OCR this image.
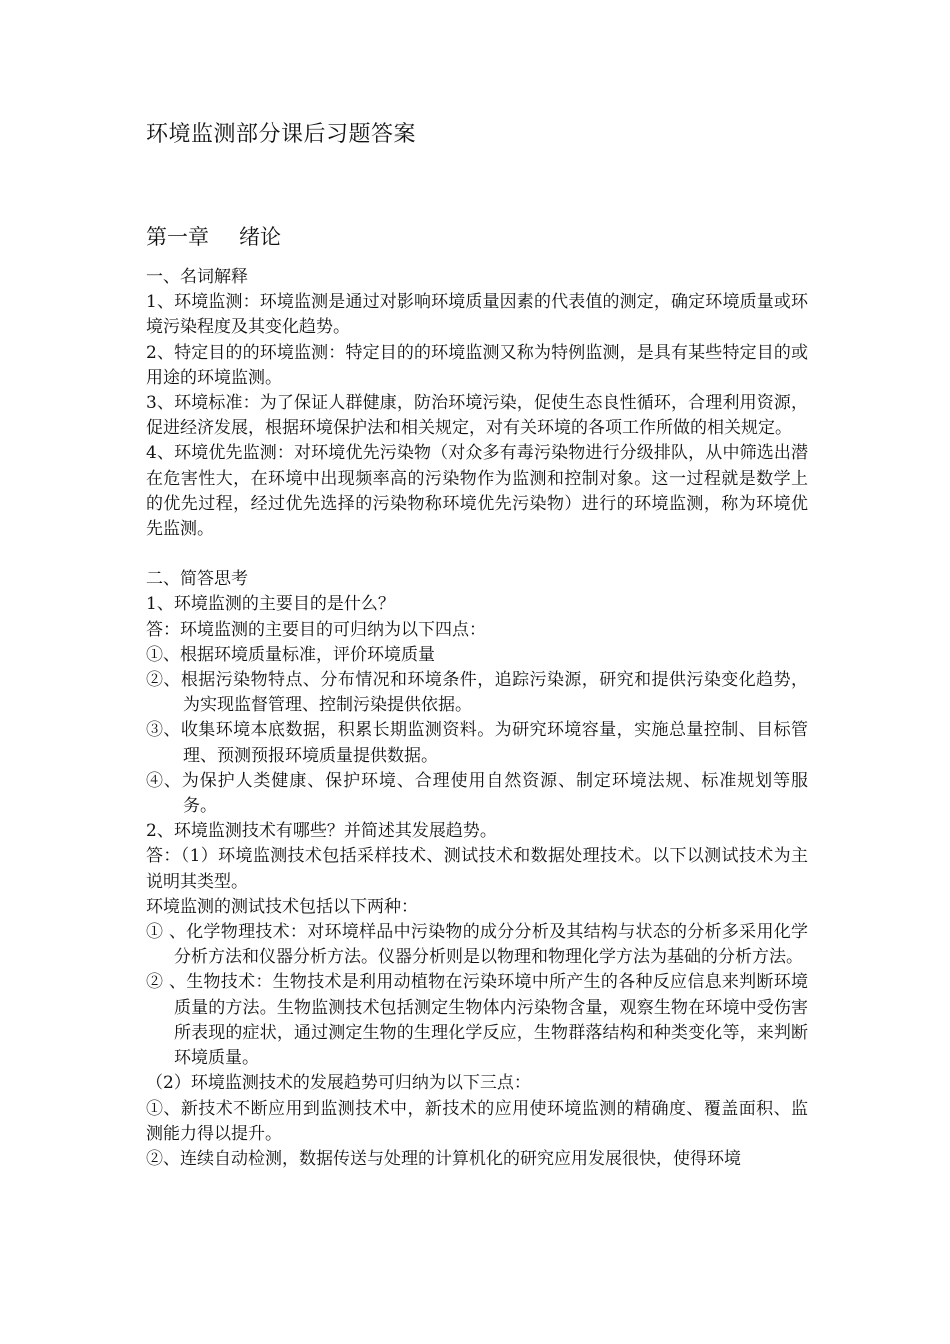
环境监测部分课后习题答案
第一章 绪论

一、名词解释

1、环境监测：环境监测是通过对影响环境质量因素的代表值的测定，确定环境质量或环境污染程度及其变化趋势。

2、特定目的的环境监测：特定目的的环境监测又称为特例监测，是具有某些特定目的或用途的环境监测。

3、环境标准：为了保证人群健康，防治环境污染，促使生态良性循环，合理利用资源，促进经济发展，根据环境保护法和相关规定，对有关环境的各项工作所做的相关规定。

4、环境优先监测：对环境优先污染物（对众多有毒污染物进行分级排队，从中筛选出潜在危害性大，在环境中出现频率高的污染物作为监测和控制对象。这一过程就是数学上的优先过程，经过优先选择的污染物称环境优先污染物）进行的环境监测，称为环境优先监测。

二、简答思考

1、环境监测的主要目的是什么？

答：环境监测的主要目的可归纳为以下四点：

①、根据环境质量标准，评价环境质量

②、根据污染物特点、分布情况和环境条件，追踪污染源，研究和提供污染变化趋势，为实现监督管理、控制污染提供依据。

③、收集环境本底数据，积累长期监测资料。为研究环境容量，实施总量控制、目标管理、预测预报环境质量提供数据。

④、为保护人类健康、保护环境、合理使用自然资源、制定环境法规、标准规划等服务。

2、环境监测技术有哪些？并简述其发展趋势。

答：（1）环境监测技术包括采样技术、测试技术和数据处理技术。以下以测试技术为主说明其类型。

环境监测的测试技术包括以下两种：

① 、化学物理技术：对环境样品中污染物的成分分析及其结构与状态的分析多采用化学分析方法和仪器分析方法。仪器分析则是以物理和物理化学方法为基础的分析方法。

② 、生物技术：生物技术是利用动植物在污染环境中所产生的各种反应信息来判断环境质量的方法。生物监测技术包括测定生物体内污染物含量，观察生物在环境中受伤害所表现的症状，通过测定生物的生理化学反应，生物群落结构和种类变化等，来判断环境质量。

（2）环境监测技术的发展趋势可归纳为以下三点：

①、新技术不断应用到监测技术中，新技术的应用使环境监测的精确度、覆盖面积、监测能力得以提升。

②、连续自动检测，数据传送与处理的计算机化的研究应用发展很快，使得环境
